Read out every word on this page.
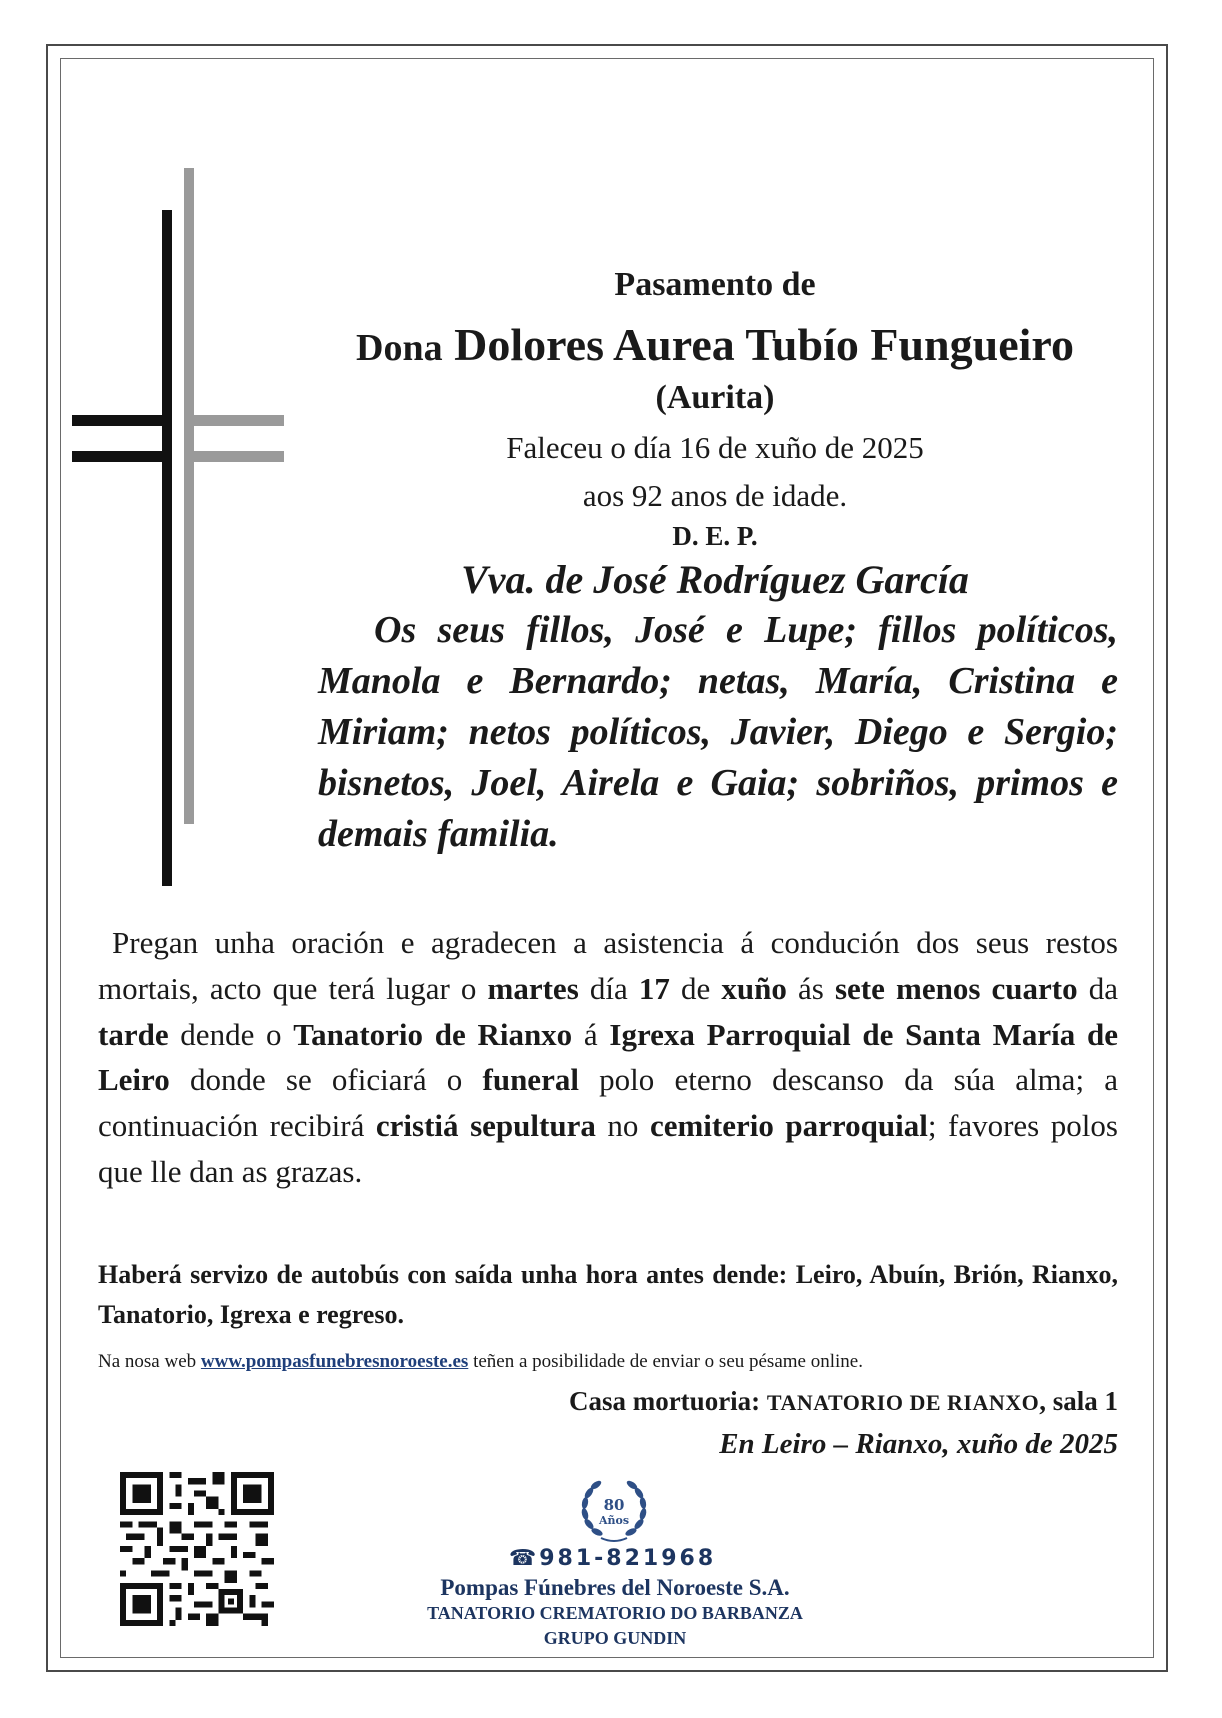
Pasamento de
Dona Dolores Aurea Tubío Fungueiro
(Aurita)
Faleceu o día 16 de xuño de 2025
aos 92 anos de idade.
D. E. P.
Vva. de José Rodríguez García
Os seus fillos, José e Lupe; fillos políticos, Manola e Bernardo; netas, María, Cristina e Miriam; netos políticos, Javier, Diego e Sergio; bisnetos, Joel, Airela e Gaia; sobriños, primos e demais familia.
Pregan unha oración e agradecen a asistencia á condución dos seus restos mortais, acto que terá lugar o martes día 17 de xuño ás sete menos cuarto da tarde dende o Tanatorio de Rianxo á Igrexa Parroquial de Santa María de Leiro donde se oficiará o funeral polo eterno descanso da súa alma; a continuación recibirá cristiá sepultura no cemiterio parroquial; favores polos que lle dan as grazas.
Haberá servizo de autobús con saída unha hora antes dende: Leiro, Abuín, Brión, Rianxo, Tanatorio, Igrexa e regreso.
Na nosa web www.pompasfunebresnoroeste.es teñen a posibilidade de enviar o seu pésame online.
Casa mortuoria: TANATORIO DE RIANXO, sala 1
En Leiro – Rianxo, xuño de 2025
80
Años
☎981-821968
Pompas Fúnebres del Noroeste S.A.
TANATORIO CREMATORIO DO BARBANZA
GRUPO GUNDIN
